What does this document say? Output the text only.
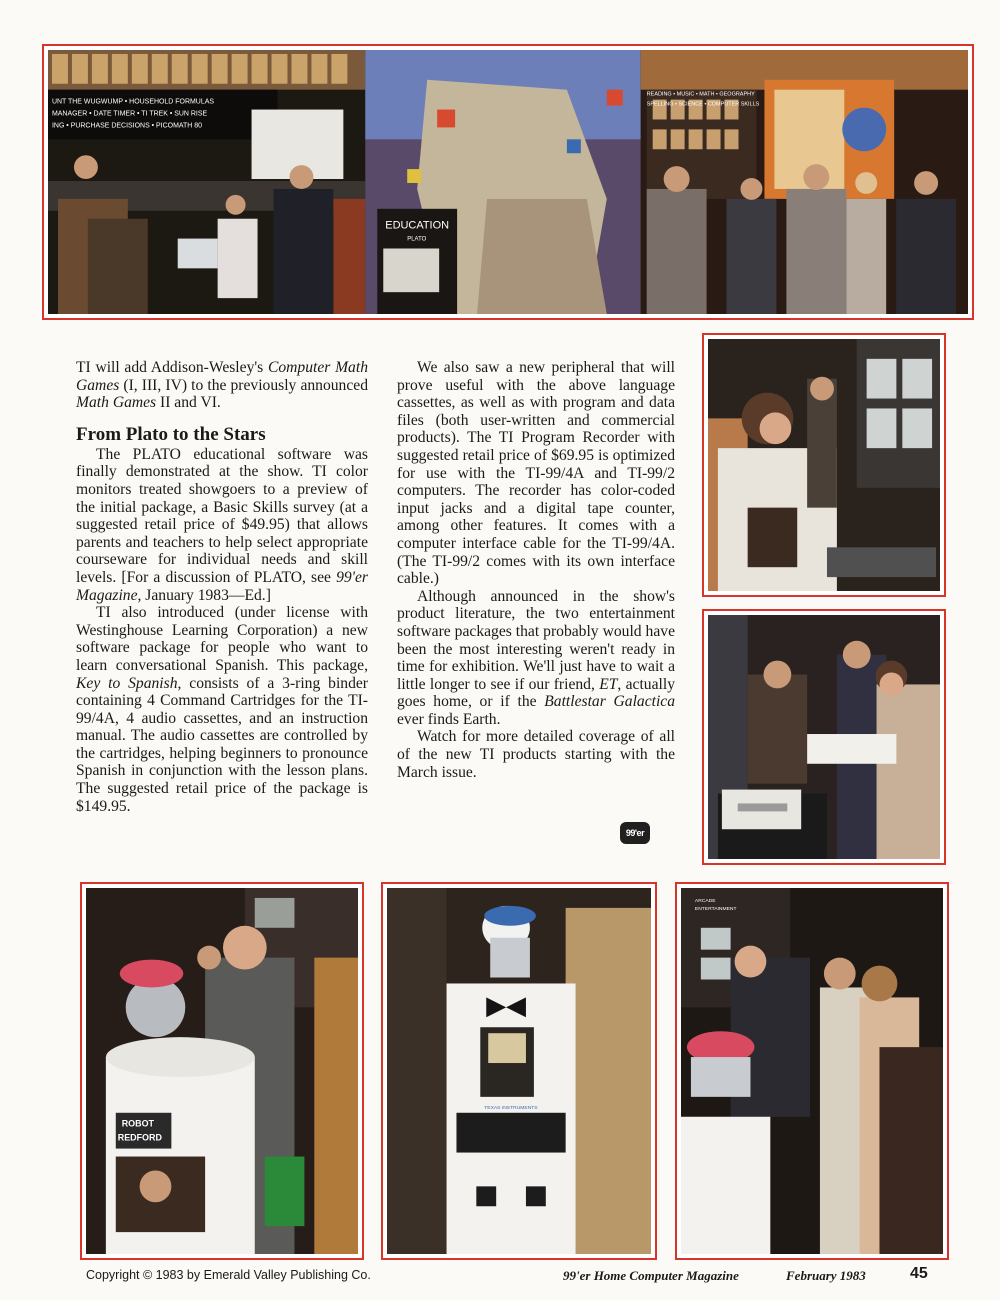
UNT THE WUGWUMP • HOUSEHOLD FORMULAS
MANAGER • DATE TIMER • TI TREK • SUN RISE
ING • PURCHASE DECISIONS • PICOMATH 80
EDUCATION
PLATO
READING • MUSIC • MATH • GEOGRAPHY
SPELLING • SCIENCE • COMPUTER SKILLS
ROBOT
REDFORD
TEXAS INSTRUMENTS
ARCADE
ENTERTAINMENT

TI will add Addison-Wesley's Computer Math Games (I, III, IV) to the previously announced Math Games II and VI.

From Plato to the Stars

The PLATO educational software was finally demonstrated at the show. TI color monitors treated showgoers to a preview of the initial package, a Basic Skills survey (at a suggested retail price of $49.95) that allows parents and teachers to help select appropriate courseware for individual needs and skill levels. [For a discussion of PLATO, see 99'er Magazine, January 1983—Ed.]

TI also introduced (under license with Westinghouse Learning Corporation) a new software package for people who want to learn conversational Spanish. This package, Key to Spanish, consists of a 3-ring binder containing 4 Command Cartridges for the TI-99/4A, 4 audio cassettes, and an instruction manual. The audio cassettes are controlled by the cartridges, helping beginners to pronounce Spanish in conjunction with the lesson plans. The suggested retail price of the package is $149.95.

We also saw a new peripheral that will prove useful with the above language cassettes, as well as with program and data files (both user-written and commercial products). The TI Program Recorder with suggested retail price of $69.95 is optimized for use with the TI-99/4A and TI-99/2 computers. The recorder has color-coded input jacks and a digital tape counter, among other features. It comes with a computer interface cable for the TI-99/4A. (The TI-99/2 comes with its own interface cable.)

Although announced in the show's product literature, the two entertainment software packages that probably would have been the most interesting weren't ready in time for exhibition. We'll just have to wait a little longer to see if our friend, ET, actually goes home, or if the Battlestar Galactica ever finds Earth.

Watch for more detailed coverage of all of the new TI products starting with the March issue.

99'er
Copyright © 1983 by Emerald Valley Publishing Co.	99'er Home Computer Magazine	February 1983	45
